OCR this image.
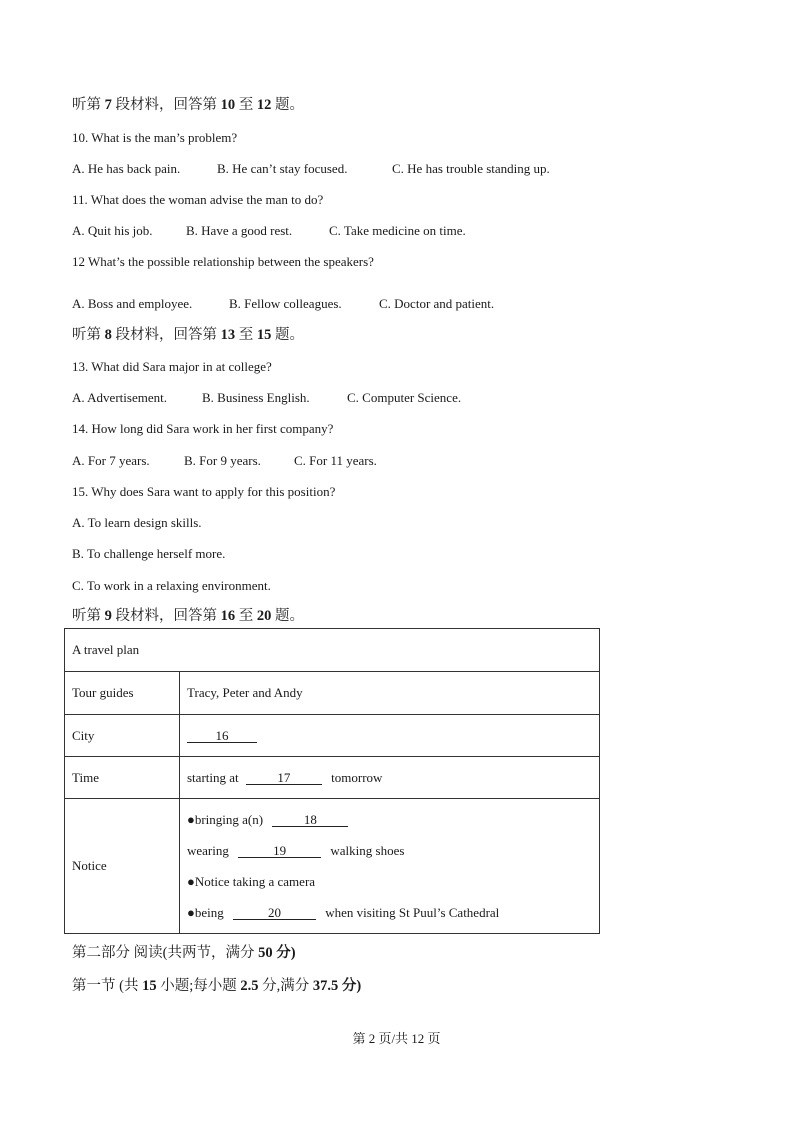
听第 7 段材料，回答第 10 至 12 题。
10. What is the man’s problem?
A. He has back pain.	B. He can’t stay focused.	C. He has trouble standing up.
11. What does the woman advise the man to do?
A. Quit his job.	B. Have a good rest.	C. Take medicine on time.
12 What’s the possible relationship between the speakers?
A. Boss and employee.	B. Fellow colleagues.	C. Doctor and patient.
听第 8 段材料，回答第 13 至 15 题。
13. What did Sara major in at college?
A. Advertisement.	B. Business English.	C. Computer Science.
14. How long did Sara work in her first company?
A. For 7 years.	B. For 9 years.	C. For 11 years.
15. Why does Sara want to apply for this position?
A. To learn design skills.
B. To challenge herself more.
C. To work in a relaxing environment.
听第 9 段材料，回答第 16 至 20 题。
A travel plan	
Tour guides	Tracy, Peter and Andy
City	16
Time	starting at 17 tomorrow
Notice	●bringing a(n) 18
wearing 19 walking shoes
●Notice taking a camera
●being 20 when visiting St Puul’s Cathedral
第二部分 阅读(共两节，满分 50 分)
第一节 (共 15 小题;每小题 2.5 分,满分 37.5 分)
第 2 页/共 12 页
